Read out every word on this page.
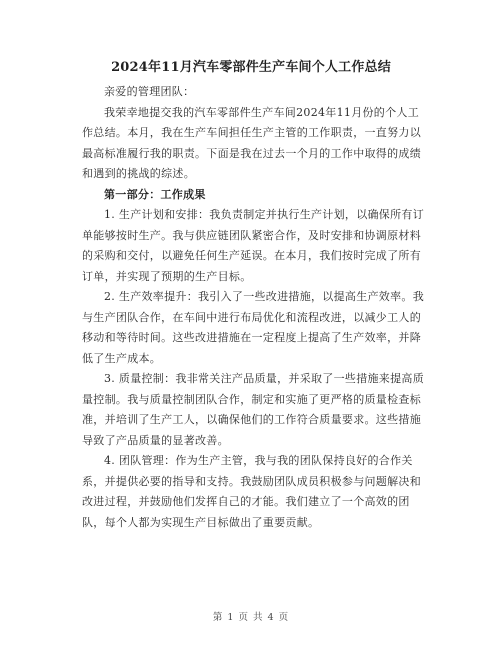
2024年11月汽车零部件生产车间个人工作总结

亲爱的管理团队：

我荣幸地提交我的汽车零部件生产车间2024年11月份的个人工作总结。本月，我在生产车间担任生产主管的工作职责，一直努力以最高标准履行我的职责。下面是我在过去一个月的工作中取得的成绩和遇到的挑战的综述。

第一部分：工作成果

1. 生产计划和安排：我负责制定并执行生产计划，以确保所有订单能够按时生产。我与供应链团队紧密合作，及时安排和协调原材料的采购和交付，以避免任何生产延误。在本月，我们按时完成了所有订单，并实现了预期的生产目标。

2. 生产效率提升：我引入了一些改进措施，以提高生产效率。我与生产团队合作，在车间中进行布局优化和流程改进，以减少工人的移动和等待时间。这些改进措施在一定程度上提高了生产效率，并降低了生产成本。

3. 质量控制：我非常关注产品质量，并采取了一些措施来提高质量控制。我与质量控制团队合作，制定和实施了更严格的质量检查标准，并培训了生产工人，以确保他们的工作符合质量要求。这些措施导致了产品质量的显著改善。

4. 团队管理：作为生产主管，我与我的团队保持良好的合作关系，并提供必要的指导和支持。我鼓励团队成员积极参与问题解决和改进过程，并鼓励他们发挥自己的才能。我们建立了一个高效的团队，每个人都为实现生产目标做出了重要贡献。

第 1 页 共 4 页
